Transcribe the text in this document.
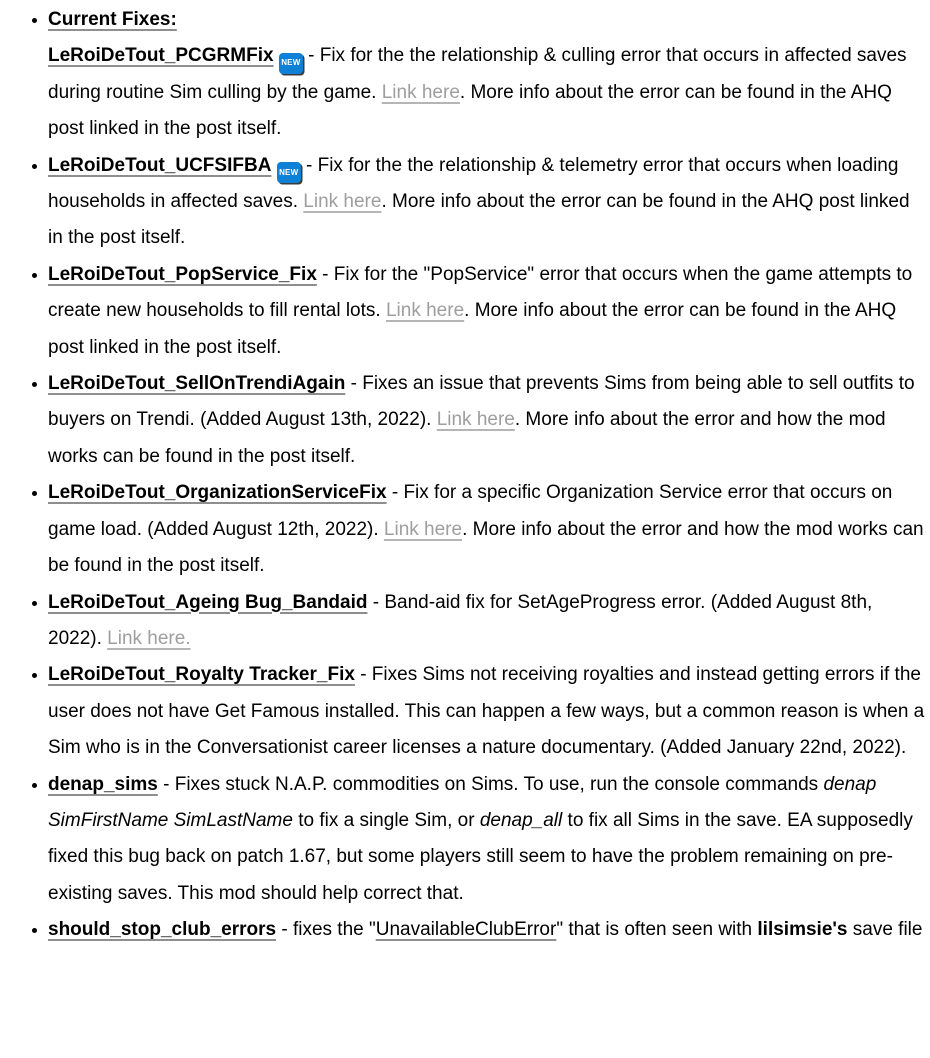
• Current Fixes:

LeRoiDeTout_PCGRMFix NEW - Fix for the the relationship & culling error that occurs in affected saves during routine Sim culling by the game. Link here. More info about the error can be found in the AHQ post linked in the post itself.

• LeRoiDeTout_UCFSIFBA NEW - Fix for the the relationship & telemetry error that occurs when loading households in affected saves. Link here. More info about the error can be found in the AHQ post linked in the post itself.

• LeRoiDeTout_PopService_Fix - Fix for the "PopService" error that occurs when the game attempts to create new households to fill rental lots. Link here. More info about the error can be found in the AHQ post linked in the post itself.

• LeRoiDeTout_SellOnTrendiAgain - Fixes an issue that prevents Sims from being able to sell outfits to buyers on Trendi. (Added August 13th, 2022). Link here. More info about the error and how the mod works can be found in the post itself.

• LeRoiDeTout_OrganizationServiceFix - Fix for a specific Organization Service error that occurs on game load. (Added August 12th, 2022). Link here. More info about the error and how the mod works can be found in the post itself.

• LeRoiDeTout_Ageing Bug_Bandaid - Band-aid fix for SetAgeProgress error. (Added August 8th, 2022). Link here.

• LeRoiDeTout_Royalty Tracker_Fix - Fixes Sims not receiving royalties and instead getting errors if the user does not have Get Famous installed. This can happen a few ways, but a common reason is when a Sim who is in the Conversationist career licenses a nature documentary. (Added January 22nd, 2022).

• denap_sims - Fixes stuck N.A.P. commodities on Sims. To use, run the console commands denap SimFirstName SimLastName to fix a single Sim, or denap_all to fix all Sims in the save. EA supposedly fixed this bug back on patch 1.67, but some players still seem to have the problem remaining on pre-existing saves. This mod should help correct that.

• should_stop_club_errors - fixes the "UnavailableClubError" that is often seen with lilsimsie's save file
